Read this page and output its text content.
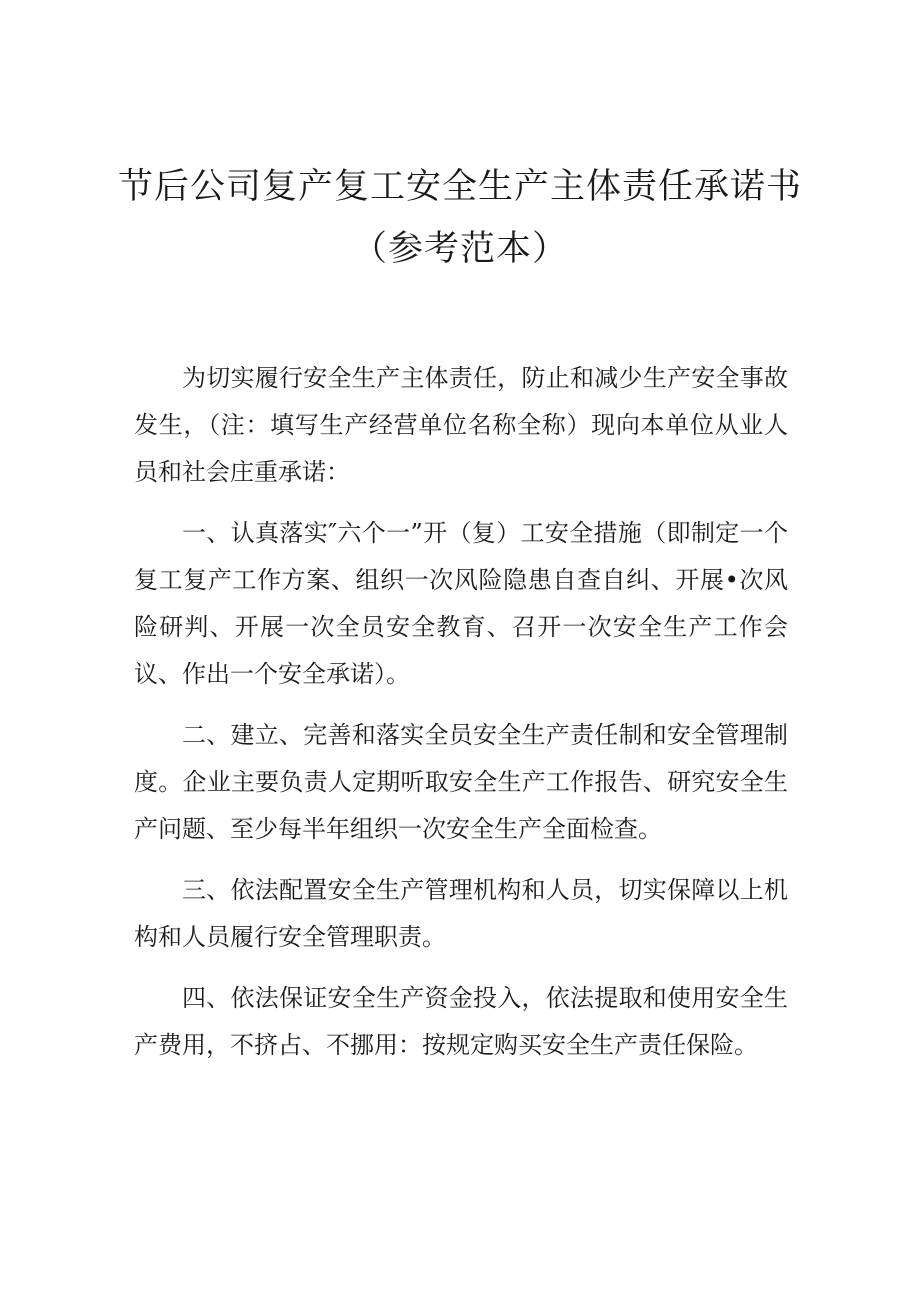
节后公司复产复工安全生产主体责任承诺书
（参考范本）

为切实履行安全生产主体责任，防止和减少生产安全事故发生，（注：填写生产经营单位名称全称）现向本单位从业人员和社会庄重承诺：

一、认真落实″六个一”开（复）工安全措施（即制定一个复工复产工作方案、组织一次风险隐患自查自纠、开展•次风险研判、开展一次全员安全教育、召开一次安全生产工作会议、作出一个安全承诺）。

二、建立、完善和落实全员安全生产责任制和安全管理制度。企业主要负责人定期听取安全生产工作报告、研究安全生产问题、至少每半年组织一次安全生产全面检查。

三、依法配置安全生产管理机构和人员，切实保障以上机构和人员履行安全管理职责。

四、依法保证安全生产资金投入，依法提取和使用安全生产费用，不挤占、不挪用：按规定购买安全生产责任保险。
